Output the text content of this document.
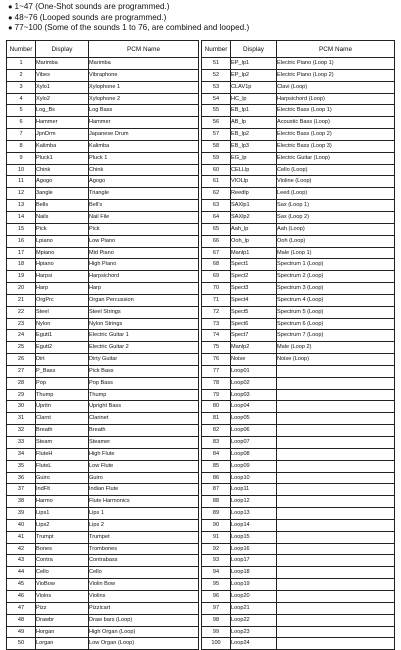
● 1~47 (One-Shot sounds are programmed.)
● 48~76 (Looped sounds are programmed.)
● 77~100 (Some of the sounds 1 to 76, are combined and looped.)
Number	Display	PCM Name
1	Marimba	Marimba
2	Vibes	Vibraphone
3	Xylo1	Xylophone 1
4	Xylo2	Xylophone 2
5	Log_Bs	Log Bass
6	Hammer	Hammer
7	JpnDrm	Japanese Drum
8	Kalimba	Kalimba
9	Pluck1	Pluck 1
10	Chink	Chink
11	Agogo	Agogo
12	3angle	Triangle
13	Bells	Bell's
14	Nails	Nail File
15	Pick	Pick
16	Lpiano	Low Piano
17	Mpiano	Mid Piano
18	Hpiano	High Piano
19	Harpsi	Harpsichord
20	Harp	Harp
21	OrgPrc	Organ Percussion
22	Steel	Steel Strings
23	Nylon	Nylon Strings
24	Egutt1	Electric Guitar 1
25	Egutt2	Electric Guitar 2
26	Dirt	Dirty Guitar
27	P_Bass	Pick Bass
28	Pop	Pop Bass
29	Thump	Thump
30	Upritn	Upright Bass
31	Clarnt	Clarinet
32	Breath	Breath
33	Steam	Steamer
34	FluteH	High Flute
35	FluteL	Low Flute
36	Guiro	Guiro
37	IndFlt	Indian Flute
38	Harmo	Flute Harmonics
39	Lips1	Lips 1
40	Lips2	Lips 2
41	Trumpt	Trumpet
42	Bones	Trombones
43	Contra	Contrabass
44	Cello	Cello
45	VioBow	Violin Bow
46	Violns	Violins
47	Pizz	Pizzicart
48	Drawbr	Draw bars (Loop)
49	Horgan	High Organ (Loop)
50	Lorgan	Low Organ (Loop)
Number	Display	PCM Name
51	EP_lp1	Electric Piano (Loop 1)
52	EP_lp2	Electric Piano (Loop 2)
53	CLAV1p	Clavi (Loop)
54	HC_lp	Harpsichord (Loop)
55	EB_lp1	Electric Bass (Loop 1)
56	AB_lp	Acoustic Bass (Loop)
57	EB_lp2	Electric Bass (Loop 2)
58	EB_lp3	Electric Bass (Loop 3)
59	EG_lp	Electric Guitar (Loop)
60	CELLlp	Cello (Loop)
61	VIOLlp	Violine (Loop)
62	Reedlp	Leed (Loop)
63	SAXlp1	Sax (Loop 1)
64	SAXlp2	Sax (Loop 2)
65	Aah_lp	Aah (Loop)
66	Ooh_lp	Ooh (Loop)
67	Manlp1	Male (Loop 1)
68	Spect1	Spectrum 1 (Loop)
69	Spect2	Spectrum 2 (Loop)
70	Spect3	Spectrum 3 (Loop)
71	Spect4	Spectrum 4 (Loop)
72	Spect5	Spectrum 5 (Loop)
73	Spect6	Spectrum 6 (Loop)
74	Spect7	Spectrum 7 (Loop)
75	Manlp2	Male (Loop 2)
76	Noise	Noise (Loop)
77	Loop01	
78	Loop02	
79	Loop03	
80	Loop04	
81	Loop05	
82	Loop06	
83	Loop07	
84	Loop08	
85	Loop09	
86	Loop10	
87	Loop11	
88	Loop12	
89	Loop13	
90	Loop14	
91	Loop15	
92	Loop16	
93	Loop17	
94	Loop18	
95	Loop19	
96	Loop20	
97	Loop21	
98	Loop22	
99	Loop23	
100	Loop24	
